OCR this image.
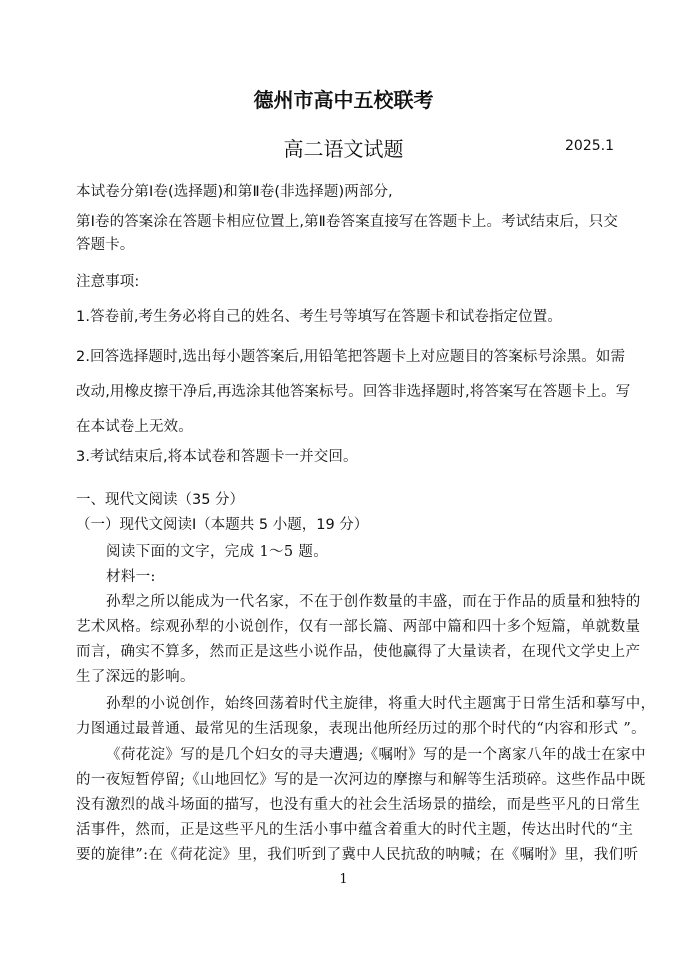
德州市高中五校联考
高二语文试题	2025.1
本试卷分第Ⅰ卷(选择题)和第Ⅱ卷(非选择题)两部分,
第Ⅰ卷的答案涂在答题卡相应位置上,第Ⅱ卷答案直接写在答题卡上。考试结束后，只交
答题卡。
注意事项:
1.答卷前,考生务必将自己的姓名、考生号等填写在答题卡和试卷指定位置。
2.回答选择题时,选出每小题答案后,用铅笔把答题卡上对应题目的答案标号涂黑。如需
改动,用橡皮擦干净后,再选涂其他答案标号。回答非选择题时,将答案写在答题卡上。写
在本试卷上无效。
3.考试结束后,将本试卷和答题卡一并交回。
一、现代文阅读（35 分）
（一）现代文阅读Ⅰ（本题共 5 小题，19 分）
阅读下面的文字，完成 1～5 题。
材料一:
孙犁之所以能成为一代名家，不在于创作数量的丰盛，而在于作品的质量和独特的
艺术风格。综观孙犁的小说创作，仅有一部长篇、两部中篇和四十多个短篇，单就数量
而言，确实不算多，然而正是这些小说作品，使他赢得了大量读者，在现代文学史上产
生了深远的影响。
孙犁的小说创作，始终回荡着时代主旋律，将重大时代主题寓于日常生活和摹写中，
力图通过最普通、最常见的生活现象，表现出他所经历过的那个时代的“内容和形式 ”。
《荷花淀》写的是几个妇女的寻夫遭遇;《嘱咐》写的是一个离家八年的战士在家中
的一夜短暂停留;《山地回忆》写的是一次河边的摩擦与和解等生活琐碎。这些作品中既
没有激烈的战斗场面的描写，也没有重大的社会生活场景的描绘，而是些平凡的日常生
活事件，然而，正是这些平凡的生活小事中蕴含着重大的时代主题，传达出时代的“主
要的旋律”:在《荷花淀》里，我们听到了冀中人民抗敌的呐喊；在《嘱咐》里，我们听
1
